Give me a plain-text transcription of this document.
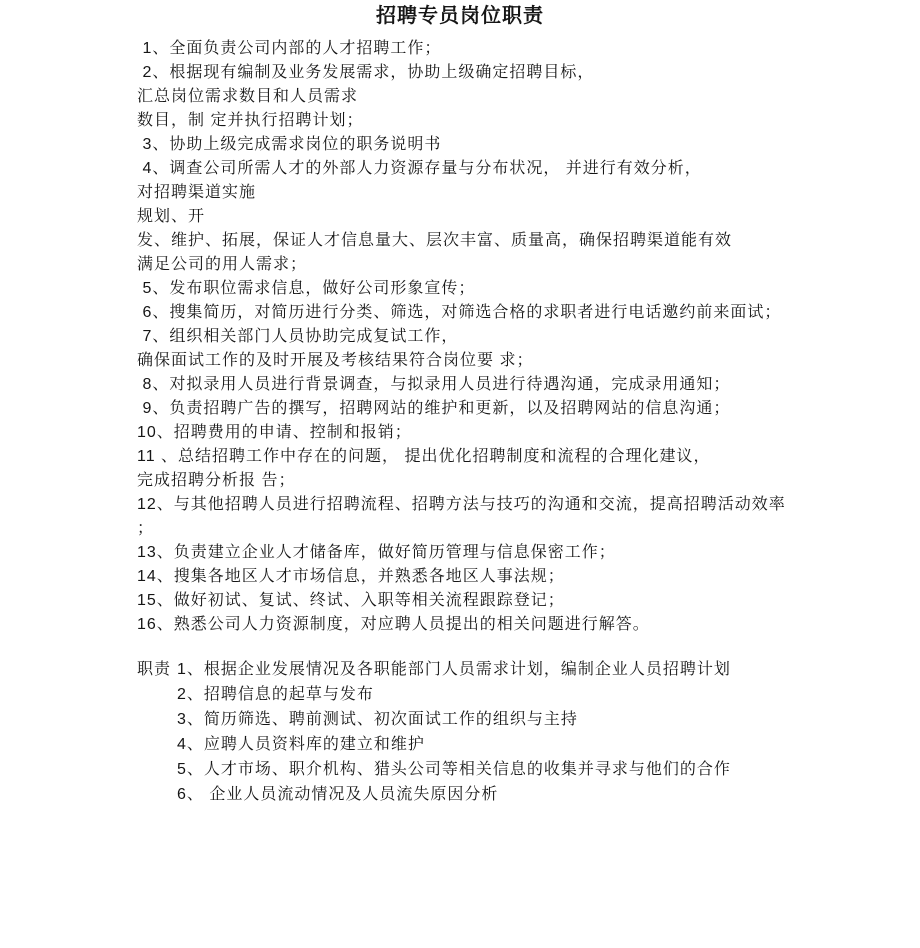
招聘专员岗位职责
1、全面负责公司内部的人才招聘工作；
2、根据现有编制及业务发展需求，协助上级确定招聘目标，
汇总岗位需求数目和人员需求
数目，制 定并执行招聘计划；
3、协助上级完成需求岗位的职务说明书
4、调查公司所需人才的外部人力资源存量与分布状况， 并进行有效分析，
对招聘渠道实施
规划、开
发、维护、拓展，保证人才信息量大、层次丰富、质量高，确保招聘渠道能有效
满足公司的用人需求；
5、发布职位需求信息，做好公司形象宣传；
6、搜集简历，对简历进行分类、筛选，对筛选合格的求职者进行电话邀约前来面试；
7、组织相关部门人员协助完成复试工作，
确保面试工作的及时开展及考核结果符合岗位要 求；
8、对拟录用人员进行背景调查，与拟录用人员进行待遇沟通，完成录用通知；
9、负责招聘广告的撰写，招聘网站的维护和更新，以及招聘网站的信息沟通；
10、招聘费用的申请、控制和报销；
11 、总结招聘工作中存在的问题， 提出优化招聘制度和流程的合理化建议，
完成招聘分析报 告；
12、与其他招聘人员进行招聘流程、招聘方法与技巧的沟通和交流，提高招聘活动效率
；
13、负责建立企业人才储备库，做好简历管理与信息保密工作；
14、搜集各地区人才市场信息，并熟悉各地区人事法规；
15、做好初试、复试、终试、入职等相关流程跟踪登记；
16、熟悉公司人力资源制度，对应聘人员提出的相关问题进行解答。
职责 1、根据企业发展情况及各职能部门人员需求计划，编制企业人员招聘计划
2、招聘信息的起草与发布
3、简历筛选、聘前测试、初次面试工作的组织与主持
4、应聘人员资料库的建立和维护
5、人才市场、职介机构、猎头公司等相关信息的收集并寻求与他们的合作
6、 企业人员流动情况及人员流失原因分析
